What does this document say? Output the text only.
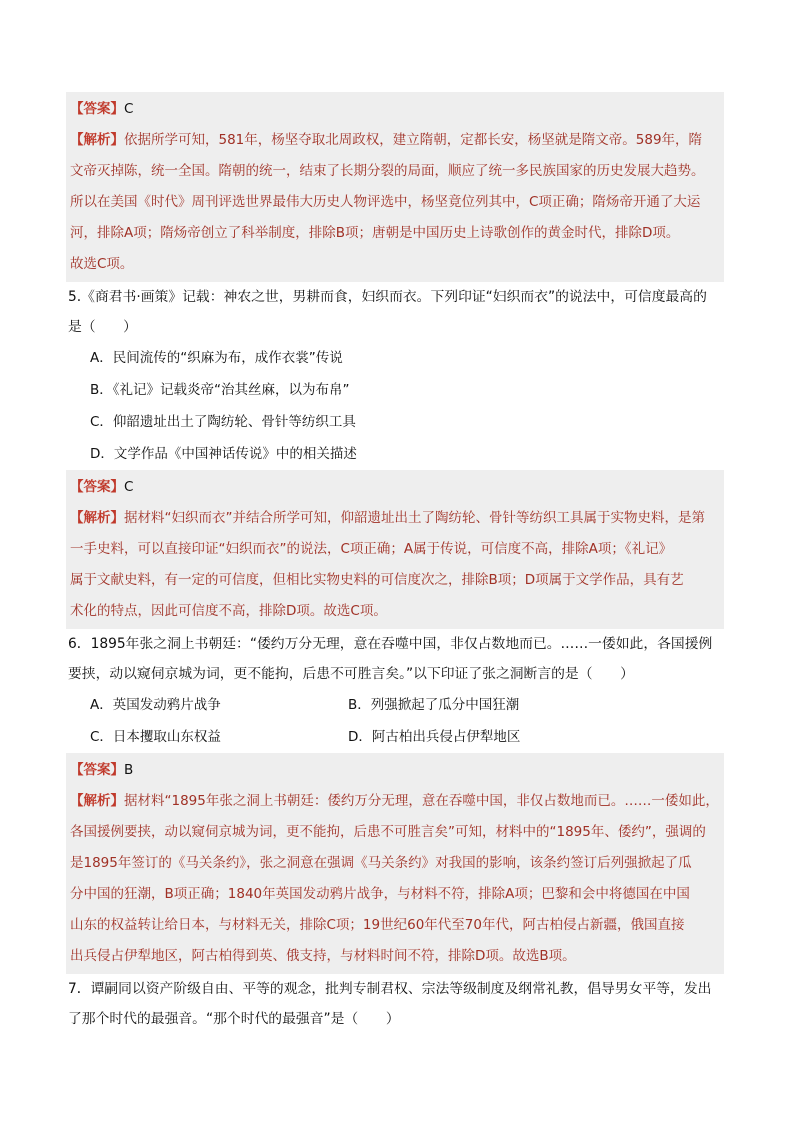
【答案】C
【解析】依据所学可知，581年，杨坚夺取北周政权，建立隋朝，定都长安，杨坚就是隋文帝。589年，隋
文帝灭掉陈，统一全国。隋朝的统一，结束了长期分裂的局面，顺应了统一多民族国家的历史发展大趋势。
所以在美国《时代》周刊评选世界最伟大历史人物评选中，杨坚竟位列其中，C项正确；隋炀帝开通了大运
河，排除A项；隋炀帝创立了科举制度，排除B项；唐朝是中国历史上诗歌创作的黄金时代，排除D项。
故选C项。
5.《商君书·画策》记载：神农之世，男耕而食，妇织而衣。下列印证“妇织而衣”的说法中，可信度最高的
是（　　）
A．民间流传的“织麻为布，成作衣裳”传说
B．《礼记》记载炎帝“治其丝麻，以为布帛”
C．仰韶遗址出土了陶纺轮、骨针等纺织工具
D．文学作品《中国神话传说》中的相关描述
【答案】C
【解析】据材料“妇织而衣”并结合所学可知，仰韶遗址出土了陶纺轮、骨针等纺织工具属于实物史料，是第
一手史料，可以直接印证“妇织而衣”的说法，C项正确；A属于传说，可信度不高，排除A项；《礼记》
属于文献史料，有一定的可信度，但相比实物史料的可信度次之，排除B项；D项属于文学作品，具有艺
术化的特点，因此可信度不高，排除D项。故选C项。
6．1895年张之洞上书朝廷：“倭约万分无理，意在吞噬中国，非仅占数地而已。……一倭如此，各国援例
要挟，动以窥伺京城为词，更不能拘，后患不可胜言矣。”以下印证了张之洞断言的是（　　）
A．英国发动鸦片战争	B．列强掀起了瓜分中国狂潮
C．日本攫取山东权益	D．阿古柏出兵侵占伊犁地区
【答案】B
【解析】据材料“1895年张之洞上书朝廷：倭约万分无理，意在吞噬中国，非仅占数地而已。……一倭如此，
各国援例要挟，动以窥伺京城为词，更不能拘，后患不可胜言矣”可知，材料中的“1895年、倭约”，强调的
是1895年签订的《马关条约》，张之洞意在强调《马关条约》对我国的影响，该条约签订后列强掀起了瓜
分中国的狂潮，B项正确；1840年英国发动鸦片战争，与材料不符，排除A项；巴黎和会中将德国在中国
山东的权益转让给日本，与材料无关，排除C项；19世纪60年代至70年代，阿古柏侵占新疆，俄国直接
出兵侵占伊犁地区，阿古柏得到英、俄支持，与材料时间不符，排除D项。故选B项。
7．谭嗣同以资产阶级自由、平等的观念，批判专制君权、宗法等级制度及纲常礼教，倡导男女平等，发出
了那个时代的最强音。“那个时代的最强音”是（　　）
